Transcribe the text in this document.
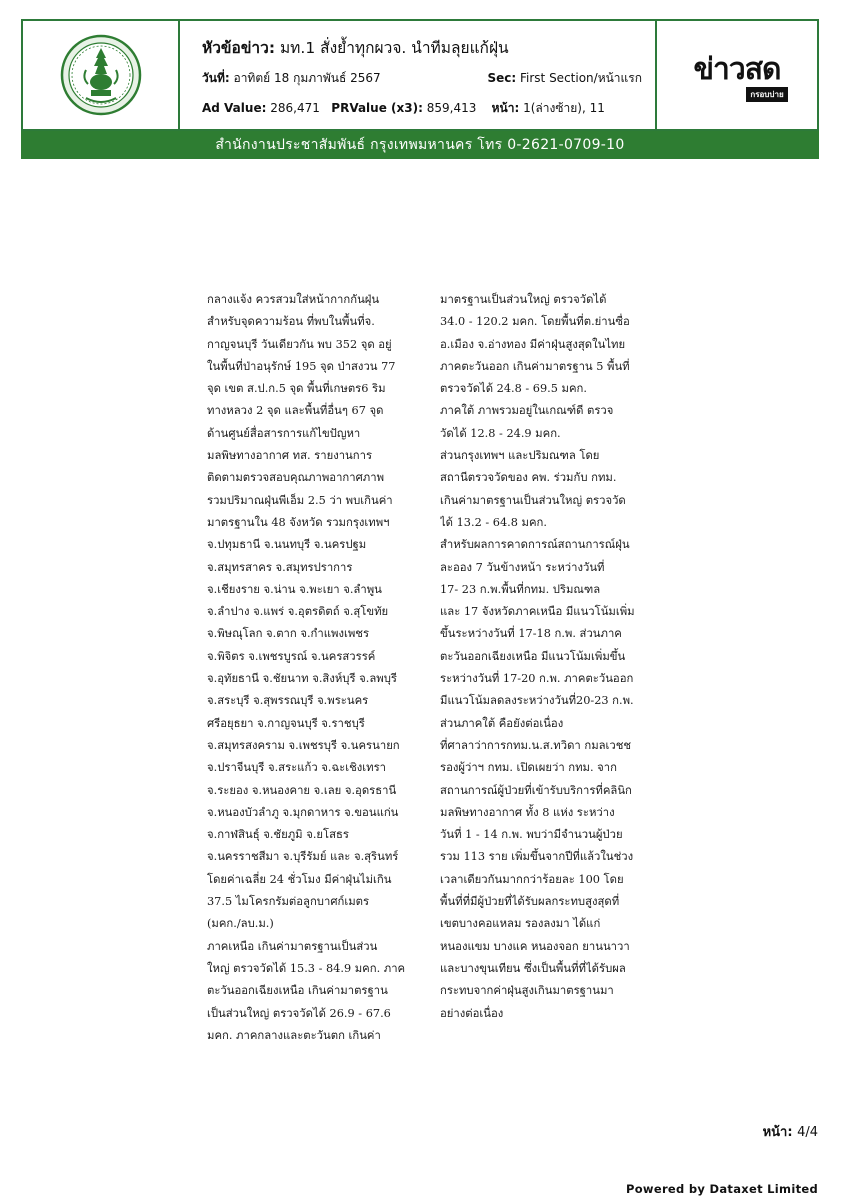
หัวข้อข่าว: มท.1 สั่งย้ำทุกผวจ. นำทีมลุยแก้ฝุ่น
วันที่: อาทิตย์ 18 กุมภาพันธ์ 2567	Sec: First Section/หน้าแรก
Ad Value: 286,471 PRValue (x3): 859,413 หน้า: 1(ล่างซ้าย), 11
ข่าวสด
กรอบบ่าย
สำนักงานประชาสัมพันธ์ กรุงเทพมหานคร โทร 0-2621-0709-10

กลางแจ้ง ควรสวมใส่หน้ากากกันฝุ่น

สำหรับจุดความร้อน ที่พบในพื้นที่จ.

กาญจนบุรี วันเดียวกัน พบ 352 จุด อยู่

ในพื้นที่ป่าอนุรักษ์ 195 จุด ป่าสงวน 77

จุด เขต ส.ป.ก.5 จุด พื้นที่เกษตร6 ริม

ทางหลวง 2 จุด และพื้นที่อื่นๆ 67 จุด

ด้านศูนย์สื่อสารการแก้ไขปัญหา

มลพิษทางอากาศ ทส. รายงานการ

ติดตามตรวจสอบคุณภาพอากาศภาพ

รวมปริมาณฝุ่นพีเอ็ม 2.5 ว่า พบเกินค่า

มาตรฐานใน 48 จังหวัด รวมกรุงเทพฯ

จ.ปทุมธานี จ.นนทบุรี จ.นครปฐม

จ.สมุทรสาคร จ.สมุทรปราการ

จ.เชียงราย จ.น่าน จ.พะเยา จ.ลำพูน

จ.ลำปาง จ.แพร่ จ.อุตรดิตถ์ จ.สุโขทัย

จ.พิษณุโลก จ.ตาก จ.กำแพงเพชร

จ.พิจิตร จ.เพชรบูรณ์ จ.นครสวรรค์

จ.อุทัยธานี จ.ชัยนาท จ.สิงห์บุรี จ.ลพบุรี

จ.สระบุรี จ.สุพรรณบุรี จ.พระนคร

ศรีอยุธยา จ.กาญจนบุรี จ.ราชบุรี

จ.สมุทรสงคราม จ.เพชรบุรี จ.นครนายก

จ.ปราจีนบุรี จ.สระแก้ว จ.ฉะเชิงเทรา

จ.ระยอง จ.หนองคาย จ.เลย จ.อุดรธานี

จ.หนองบัวลำภู จ.มุกดาหาร จ.ขอนแก่น

จ.กาฬสินธุ์ จ.ชัยภูมิ จ.ยโสธร

จ.นครราชสีมา จ.บุรีรัมย์ และ จ.สุรินทร์

โดยค่าเฉลี่ย 24 ชั่วโมง มีค่าฝุ่นไม่เกิน

37.5 ไมโครกรัมต่อลูกบาศก์เมตร

(มคก./ลบ.ม.)

ภาคเหนือ เกินค่ามาตรฐานเป็นส่วน

ใหญ่ ตรวจวัดได้ 15.3 - 84.9 มคก. ภาค

ตะวันออกเฉียงเหนือ เกินค่ามาตรฐาน

เป็นส่วนใหญ่ ตรวจวัดได้ 26.9 - 67.6

มคก. ภาคกลางและตะวันตก เกินค่า

มาตรฐานเป็นส่วนใหญ่ ตรวจวัดได้

34.0 - 120.2 มคก. โดยพื้นที่ต.ย่านซื่อ

อ.เมือง จ.อ่างทอง มีค่าฝุ่นสูงสุดในไทย

ภาคตะวันออก เกินค่ามาตรฐาน 5 พื้นที่

ตรวจวัดได้ 24.8 - 69.5 มคก.

ภาคใต้ ภาพรวมอยู่ในเกณฑ์ดี ตรวจ

วัดได้ 12.8 - 24.9 มคก.

ส่วนกรุงเทพฯ และปริมณฑล โดย

สถานีตรวจวัดของ คพ. ร่วมกับ กทม.

เกินค่ามาตรฐานเป็นส่วนใหญ่ ตรวจวัด

ได้ 13.2 - 64.8 มคก.

สำหรับผลการคาดการณ์สถานการณ์ฝุ่น

ละออง 7 วันข้างหน้า ระหว่างวันที่

17- 23 ก.พ.พื้นที่กทม. ปริมณฑล

และ 17 จังหวัดภาคเหนือ มีแนวโน้มเพิ่ม

ขึ้นระหว่างวันที่ 17-18 ก.พ. ส่วนภาค

ตะวันออกเฉียงเหนือ มีแนวโน้มเพิ่มขึ้น

ระหว่างวันที่ 17-20 ก.พ. ภาคตะวันออก

มีแนวโน้มลดลงระหว่างวันที่20-23 ก.พ.

ส่วนภาคใต้ คือยังต่อเนื่อง

ที่ศาลาว่าการกทม.น.ส.ทวิดา กมลเวชช

รองผู้ว่าฯ กทม. เปิดเผยว่า กทม. จาก

สถานการณ์ผู้ป่วยที่เข้ารับบริการที่คลินิก

มลพิษทางอากาศ ทั้ง 8 แห่ง ระหว่าง

วันที่ 1 - 14 ก.พ. พบว่ามีจำนวนผู้ป่วย

รวม 113 ราย เพิ่มขึ้นจากปีที่แล้วในช่วง

เวลาเดียวกันมากกว่าร้อยละ 100 โดย

พื้นที่ที่มีผู้ป่วยที่ได้รับผลกระทบสูงสุดที่

เขตบางคอแหลม รองลงมา ได้แก่

หนองแขม บางแค หนองจอก ยานนาวา

และบางขุนเทียน ซึ่งเป็นพื้นที่ที่ได้รับผล

กระทบจากค่าฝุ่นสูงเกินมาตรฐานมา

อย่างต่อเนื่อง

หน้า: 4/4
Powered by Dataxet Limited
